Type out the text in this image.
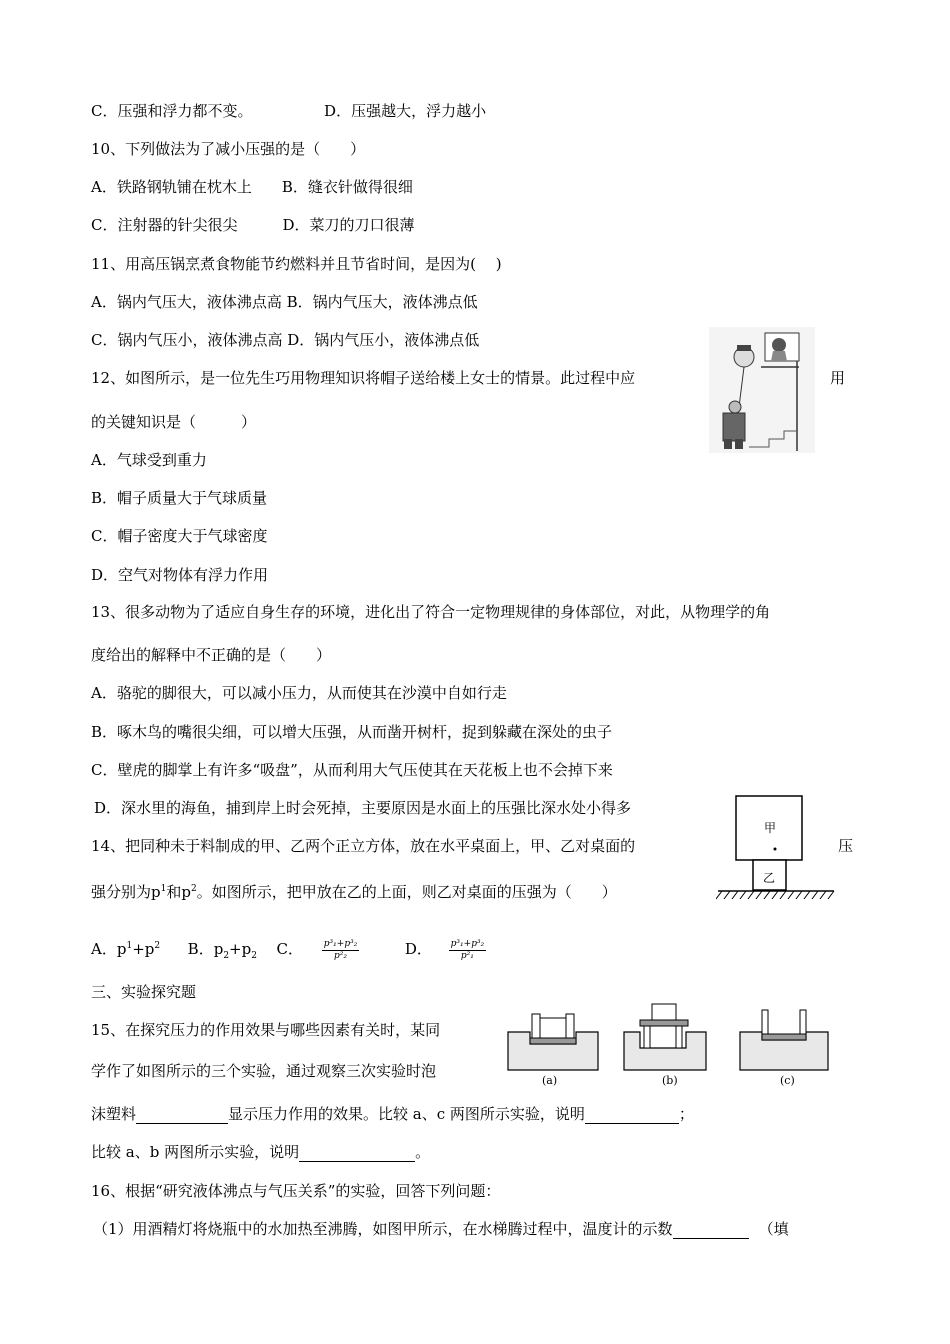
C．压强和浮力都不变。	D．压强越大，浮力越小
10、下列做法为了减小压强的是（　　）
A．铁路钢轨铺在枕木上　　B．缝衣针做得很细
C．注射器的针尖很尖　　　D．菜刀的刀口很薄
11、用高压锅烹煮食物能节约燃料并且节省时间，是因为(　 )
A．锅内气压大，液体沸点高 B．锅内气压大，液体沸点低
C．锅内气压小，液体沸点高 D．锅内气压小，液体沸点低
12、如图所示，是一位先生巧用物理知识将帽子送给楼上女士的情景。此过程中应	用
的关键知识是（　　　）
A．气球受到重力
B．帽子质量大于气球质量
C．帽子密度大于气球密度
D．空气对物体有浮力作用
13、很多动物为了适应自身生存的环境，进化出了符合一定物理规律的身体部位，对此，从物理学的角
度给出的解释中不正确的是（　　）
A．骆驼的脚很大，可以减小压力，从而使其在沙漠中自如行走
B．啄木鸟的嘴很尖细，可以增大压强，从而凿开树杆，捉到躲藏在深处的虫子
C．壁虎的脚掌上有许多“吸盘”，从而利用大气压使其在天花板上也不会掉下来
D．深水里的海鱼，捕到岸上时会死掉，主要原因是水面上的压强比深水处小得多
14、把同种未于料制成的甲、乙两个正立方体，放在水平桌面上，甲、乙对桌面的	压
强分别为$p^1$和$p^2$。如图所示，把甲放在乙的上面，则乙对桌面的压强为（　　）
甲
乙
A．$p^1+p^2$ B．$p_2+p_2$ C． $\frac{\text{p³₁+p³₂}}{\text{p²₂}}$	D． $\frac{\text{p³₁+p³₂}}{\text{p²₁}}$
三、实验探究题
15、在探究压力的作用效果与哪些因素有关时，某同
学作了如图所示的三个实验，通过观察三次实验时泡
(a)	(b)	(c)
沫塑料	显示压力作用的效果。比较 a、c 两图所示实验，说明	；
比较 a、b 两图所示实验，说明	。
16、根据“研究液体沸点与气压关系”的实验，回答下列问题：
（1）用酒精灯将烧瓶中的水加热至沸腾，如图甲所示，在水梯腾过程中，温度计的示数	（填
